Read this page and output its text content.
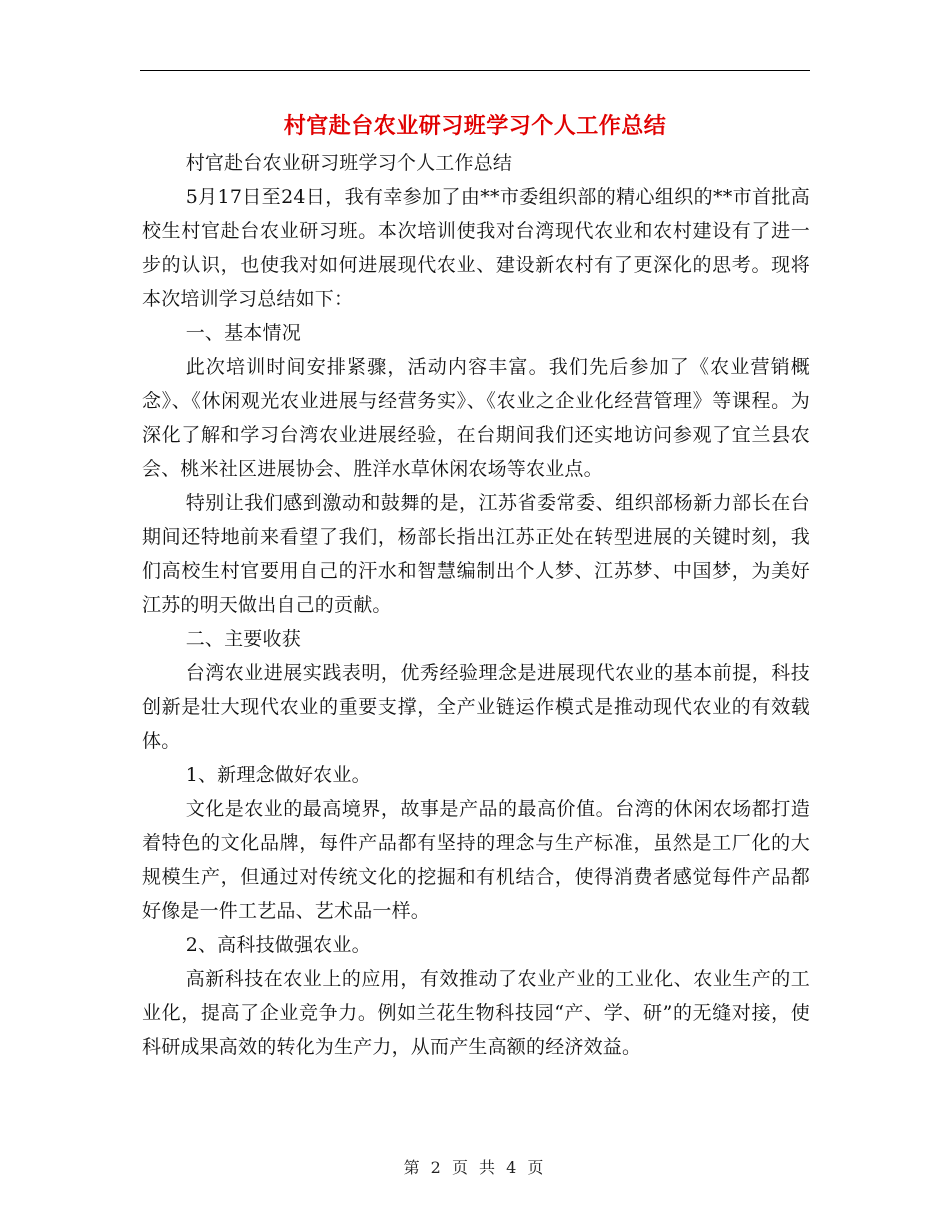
村官赴台农业研习班学习个人工作总结

村官赴台农业研习班学习个人工作总结

5月17日至24日，我有幸参加了由**市委组织部的精心组织的**市首批高校生村官赴台农业研习班。本次培训使我对台湾现代农业和农村建设有了进一步的认识，也使我对如何进展现代农业、建设新农村有了更深化的思考。现将本次培训学习总结如下：

一、基本情况

此次培训时间安排紧骤，活动内容丰富。我们先后参加了《农业营销概念》、《休闲观光农业进展与经营务实》、《农业之企业化经营管理》等课程。为深化了解和学习台湾农业进展经验，在台期间我们还实地访问参观了宜兰县农会、桃米社区进展协会、胜洋水草休闲农场等农业点。

特别让我们感到激动和鼓舞的是，江苏省委常委、组织部杨新力部长在台期间还特地前来看望了我们，杨部长指出江苏正处在转型进展的关键时刻，我们高校生村官要用自己的汗水和智慧编制出个人梦、江苏梦、中国梦，为美好江苏的明天做出自己的贡献。

二、主要收获

台湾农业进展实践表明，优秀经验理念是进展现代农业的基本前提，科技创新是壮大现代农业的重要支撑，全产业链运作模式是推动现代农业的有效载体。

1、新理念做好农业。

文化是农业的最高境界，故事是产品的最高价值。台湾的休闲农场都打造着特色的文化品牌，每件产品都有坚持的理念与生产标准，虽然是工厂化的大规模生产，但通过对传统文化的挖掘和有机结合，使得消费者感觉每件产品都好像是一件工艺品、艺术品一样。

2、高科技做强农业。

高新科技在农业上的应用，有效推动了农业产业的工业化、农业生产的工业化，提高了企业竞争力。例如兰花生物科技园“产、学、研”的无缝对接，使科研成果高效的转化为生产力，从而产生高额的经济效益。

第 2 页 共 4 页
